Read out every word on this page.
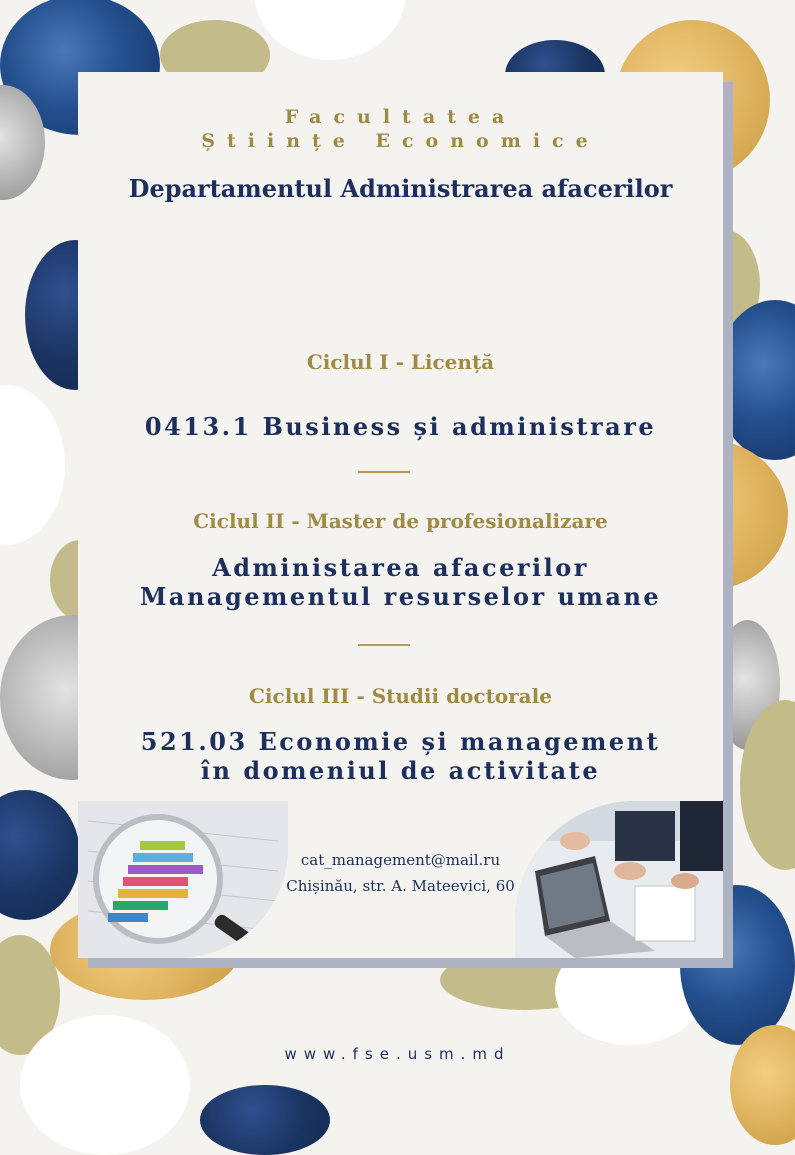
Facultatea
Științe Economice
Departamentul Administrarea afacerilor
Ciclul I - Licență
0413.1 Business și administrare
Ciclul II - Master de profesionalizare
Administarea afacerilor
Managementul resurselor umane
Ciclul III - Studii doctorale
521.03 Economie și management
în domeniul de activitate
cat_management@mail.ru
Chișinău, str. A. Mateevici, 60
www.fse.usm.md
